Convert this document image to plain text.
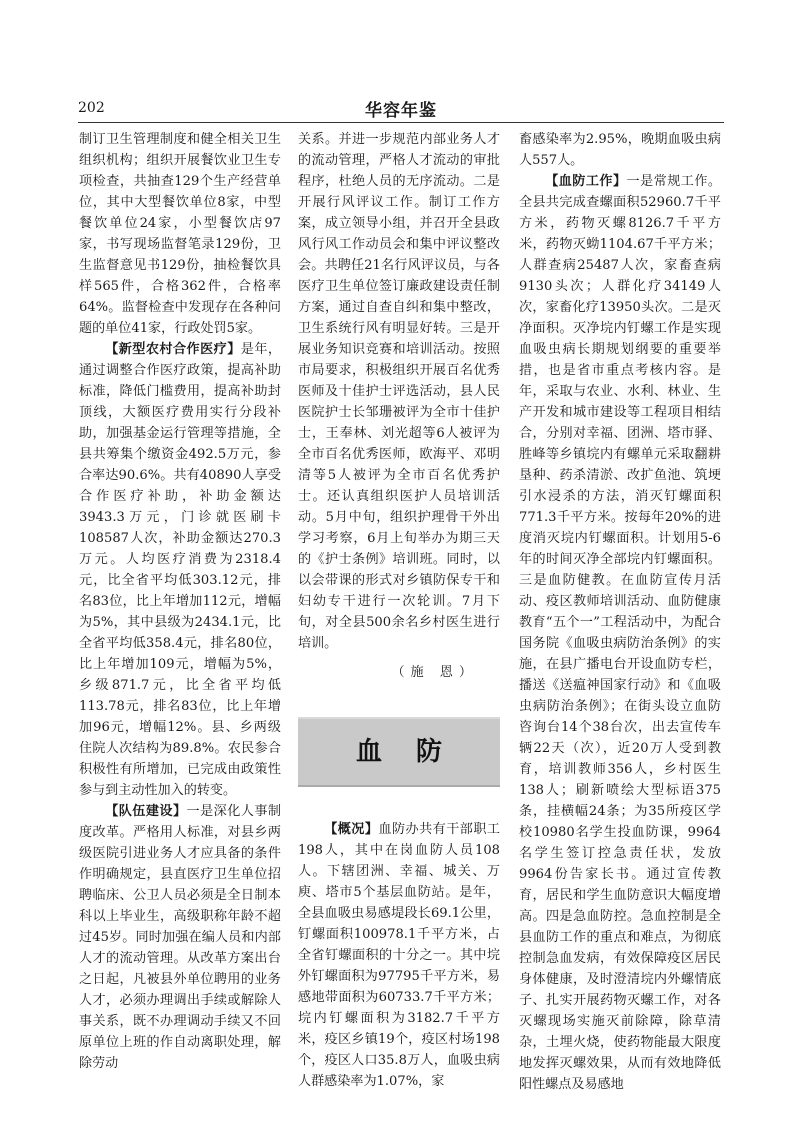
202	华容年鉴

制订卫生管理制度和健全相关卫生组织机构；组织开展餐饮业卫生专项检查，共抽查129个生产经营单位，其中大型餐饮单位8家，中型餐饮单位24家，小型餐饮店97家，书写现场监督笔录129份，卫生监督意见书129份，抽检餐饮具样565件，合格362件，合格率64%。监督检查中发现存在各种问题的单位41家，行政处罚5家。

【新型农村合作医疗】是年，通过调整合作医疗政策，提高补助标准，降低门槛费用，提高补助封顶线，大额医疗费用实行分段补助，加强基金运行管理等措施，全县共筹集个缴资金492.5万元，参合率达90.6%。共有40890人享受合作医疗补助，补助金额达3943.3万元，门诊就医刷卡108587人次，补助金额达270.3万元。人均医疗消费为2318.4元，比全省平均低303.12元，排名83位，比上年增加112元，增幅为5%，其中县级为2434.1元，比全省平均低358.4元，排名80位，比上年增加109元，增幅为5%，乡级871.7元，比全省平均低113.78元，排名83位，比上年增加96元，增幅12%。县、乡两级住院人次结构为89.8%。农民参合积极性有所增加，已完成由政策性参与到主动性加入的转变。

【队伍建设】一是深化人事制度改革。严格用人标准，对县乡两级医院引进业务人才应具备的条件作明确规定，县直医疗卫生单位招聘临床、公卫人员必须是全日制本科以上毕业生，高级职称年龄不超过45岁。同时加强在编人员和内部人才的流动管理。从改革方案出台之日起，凡被县外单位聘用的业务人才，必须办理调出手续或解除人事关系，既不办理调动手续又不回原单位上班的作自动离职处理，解除劳动

关系。并进一步规范内部业务人才的流动管理，严格人才流动的审批程序，杜绝人员的无序流动。二是开展行风评议工作。制订工作方案，成立领导小组，并召开全县政风行风工作动员会和集中评议整改会。共聘任21名行风评议员，与各医疗卫生单位签订廉政建设责任制方案，通过自查自纠和集中整改，卫生系统行风有明显好转。三是开展业务知识竞赛和培训活动。按照市局要求，积极组织开展百名优秀医师及十佳护士评选活动，县人民医院护士长邹珊被评为全市十佳护士，王奉林、刘光超等6人被评为全市百名优秀医师，欧海平、邓明清等5人被评为全市百名优秀护士。还认真组织医护人员培训活动。5月中旬，组织护理骨干外出学习考察，6月上旬举办为期三天的《护士条例》培训班。同时，以以会带课的形式对乡镇防保专干和妇幼专干进行一次轮训。7月下旬，对全县500余名乡村医生进行培训。

（施 恩）

血防

【概况】血防办共有干部职工198人，其中在岗血防人员108人。下辖团洲、幸福、城关、万庾、塔市5个基层血防站。是年，全县血吸虫易感堤段长69.1公里，钉螺面积100978.1千平方米，占全省钉螺面积的十分之一。其中垸外钉螺面积为97795千平方米，易感地带面积为60733.7千平方米；垸内钉螺面积为3182.7千平方米，疫区乡镇19个，疫区村场198个，疫区人口35.8万人，血吸虫病人群感染率为1.07%，家

畜感染率为2.95%，晚期血吸虫病人557人。

【血防工作】一是常规工作。全县共完成查螺面积52960.7千平方米，药物灭螺8126.7千平方米，药物灭蚴1104.67千平方米；人群查病25487人次，家畜查病9130头次；人群化疗34149人次，家畜化疗13950头次。二是灭净面积。灭净垸内钉螺工作是实现血吸虫病长期规划纲要的重要举措，也是省市重点考核内容。是年，采取与农业、水利、林业、生产开发和城市建设等工程项目相结合，分别对幸福、团洲、塔市驿、胜峰等乡镇垸内有螺单元采取翻耕垦种、药杀清淤、改扩鱼池、筑埂引水浸杀的方法，消灭钉螺面积771.3千平方米。按每年20%的进度消灭垸内钉螺面积。计划用5-6年的时间灭净全部垸内钉螺面积。三是血防健教。在血防宣传月活动、疫区教师培训活动、血防健康教育“五个一”工程活动中，为配合国务院《血吸虫病防治条例》的实施，在县广播电台开设血防专栏，播送《送瘟神国家行动》和《血吸虫病防治条例》；在街头设立血防咨询台14个38台次，出去宣传车辆22天（次），近20万人受到教育，培训教师356人，乡村医生138人；刷新喷绘大型标语375条，挂横幅24条；为35所疫区学校10980名学生投血防课，9964名学生签订控急责任状，发放9964份告家长书。通过宣传教育，居民和学生血防意识大幅度增高。四是急血防控。急血控制是全县血防工作的重点和难点，为彻底控制急血发病，有效保障疫区居民身体健康，及时澄清垸内外螺情底子、扎实开展药物灭螺工作，对各灭螺现场实施灭前除障，除草清杂，土埋火烧，使药物能最大限度地发挥灭螺效果，从而有效地降低阳性螺点及易感地
